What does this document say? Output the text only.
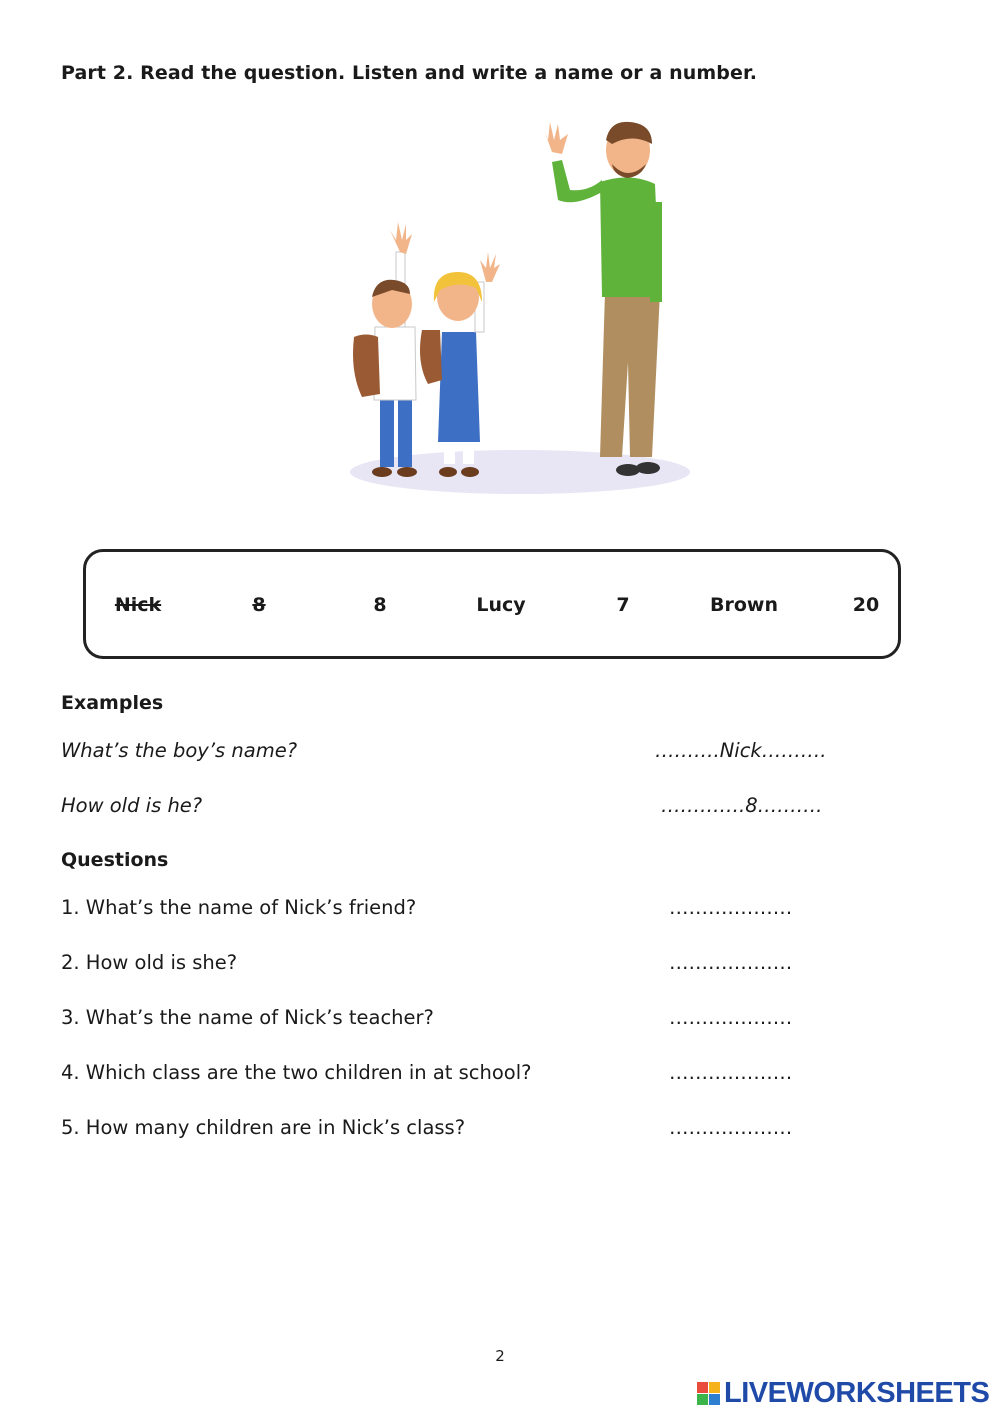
Part 2. Read the question. Listen and write a name or a number.
Nick	8	8	Lucy	7	Brown	20
Examples
What’s the boy’s name?	……….Nick……….
How old is he?	………….8……….
Questions
1. What’s the name of Nick’s friend?	……….………
2. How old is she?	……….………
3. What’s the name of Nick’s teacher?	……….………
4. Which class are the two children in at school?	……….………
5. How many children are in Nick’s class?	……….………
2
LIVEWORKSHEETS
